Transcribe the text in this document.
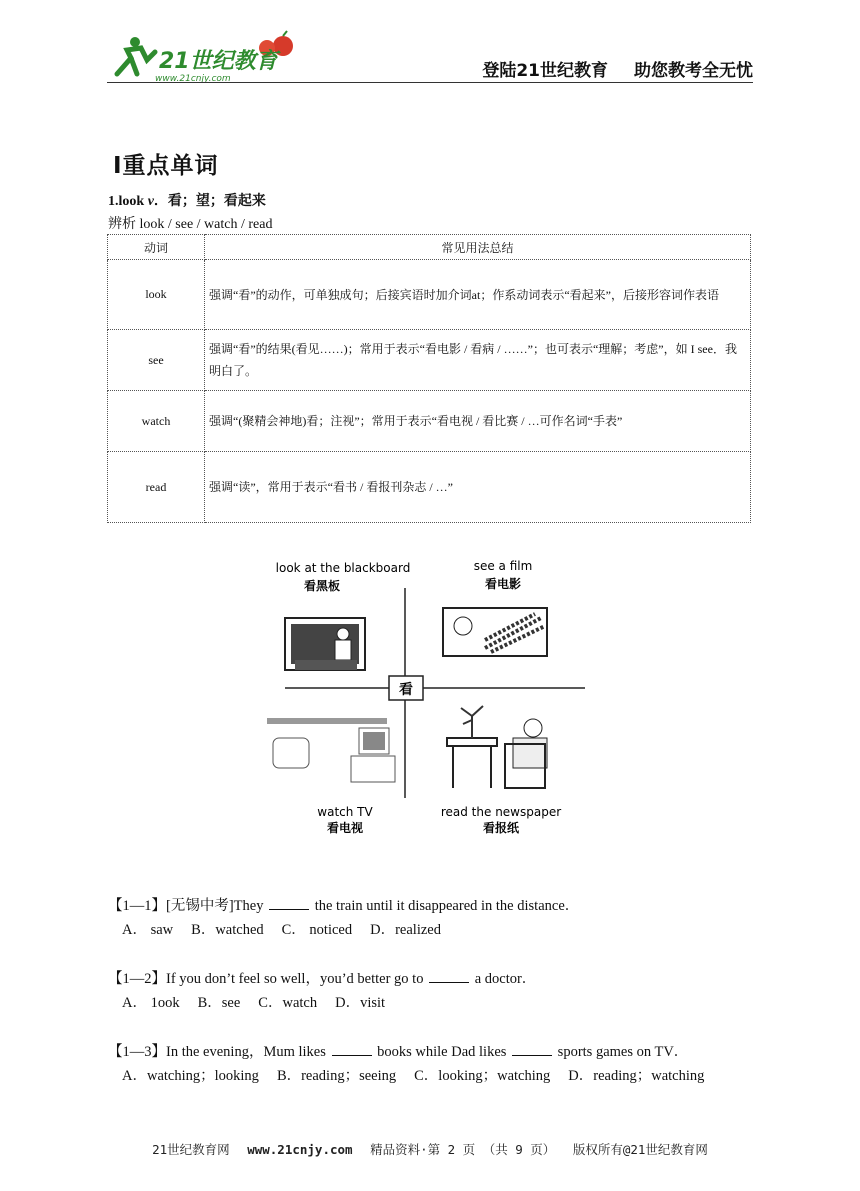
21世纪教育
www.21cnjy.com	登陆21世纪教育 助您教考全无忧
Ⅰ重点单词
1.look v．看；望；看起来
辨析 look / see / watch / read
动词	常见用法总结
look	强调“看”的动作，可单独成句；后接宾语时加介词at；作系动词表示“看起来”，后接形容词作表语
see	强调“看”的结果(看见……)；常用于表示“看电影 / 看病 / ……”；也可表示“理解；考虑”，如 I see．我明白了。
watch	强调“(聚精会神地)看；注视”；常用于表示“看电视 / 看比赛 / …可作名词“手表”
read	强调“读”，常用于表示“看书 / 看报刊杂志 / …”
看
look at the blackboard
看黑板
see a film
看电影
watch TV
看电视
read the newspaper
看报纸
【1—1】[无锡中考]They	the train until it disappeared in the distance．
A． saw B．watched C． noticed D．realized
【1—2】If you don’t feel so well，you’d better go to	a doctor．
A． 1ook B．see C．watch D．visit
【1—3】In the evening，Mum likes	books while Dad likes	sports games on TV．
A．watching；looking B．reading；seeing C．looking；watching D．reading；watching
21世纪教育网 www.21cnjy.com 精品资料·第 2 页 （共 9 页） 版权所有@21世纪教育网
